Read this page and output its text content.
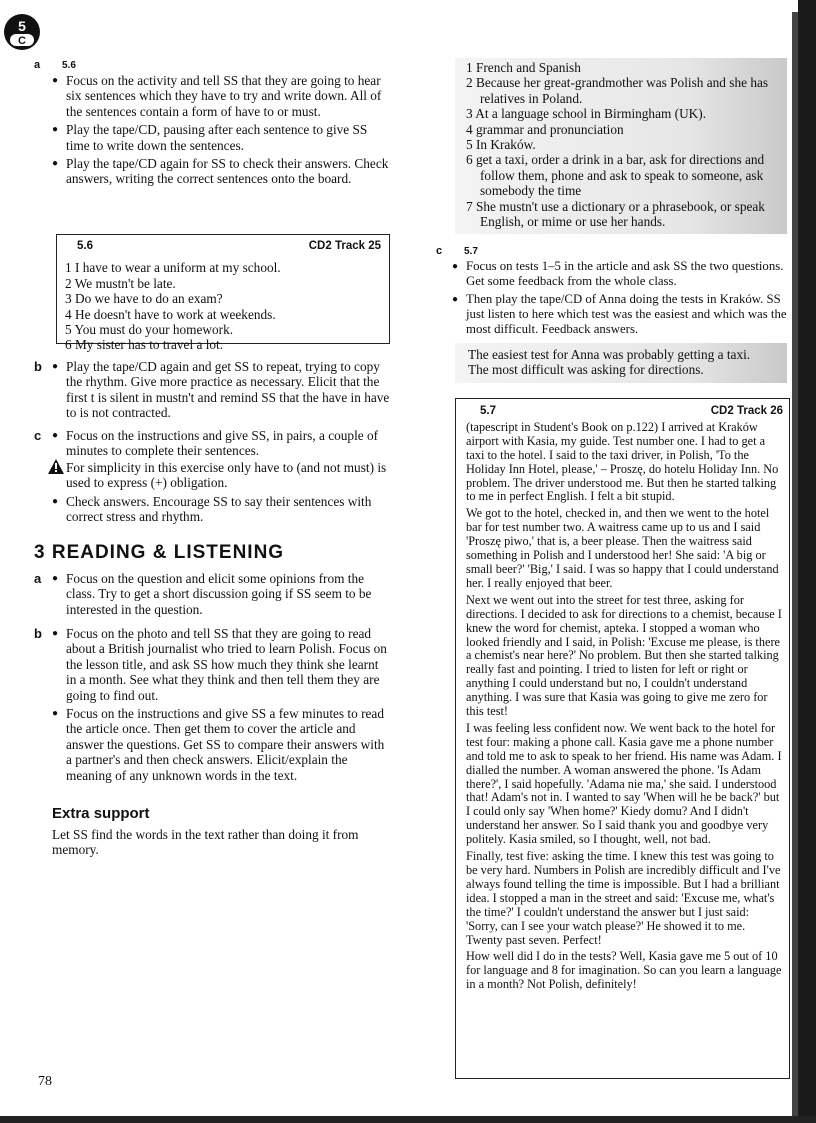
5
C
a 5.6

● Focus on the activity and tell SS that they are going to hear six sentences which they have to try and write down. All of the sentences contain a form of have to or must.

● Play the tape/CD, pausing after each sentence to give SS time to write down the sentences.

● Play the tape/CD again for SS to check their answers. Check answers, writing the correct sentences onto the board.

5.6	CD2 Track 25
1 I have to wear a uniform at my school.
2 We mustn't be late.
3 Do we have to do an exam?
4 He doesn't have to work at weekends.
5 You must do your homework.
6 My sister has to travel a lot.
b	● Play the tape/CD again and get SS to repeat, trying to copy the rhythm. Give more practice as necessary. Elicit that the first t is silent in mustn't and remind SS that the have in have to is not contracted.

c	● Focus on the instructions and give SS, in pairs, a couple of minutes to complete their sentences.

For simplicity in this exercise only have to (and not must) is used to express (+) obligation.

● Check answers. Encourage SS to say their sentences with correct stress and rhythm.

3 READING & LISTENING
a	● Focus on the question and elicit some opinions from the class. Try to get a short discussion going if SS seem to be interested in the question.

b	● Focus on the photo and tell SS that they are going to read about a British journalist who tried to learn Polish. Focus on the lesson title, and ask SS how much they think she learnt in a month. See what they think and then tell them they are going to find out.

● Focus on the instructions and give SS a few minutes to read the article once. Then get them to cover the article and answer the questions. Get SS to compare their answers with a partner's and then check answers. Elicit/explain the meaning of any unknown words in the text.

Extra support

Let SS find the words in the text rather than doing it from memory.

78

1 French and Spanish

2 Because her great-grandmother was Polish and she has relatives in Poland.

3 At a language school in Birmingham (UK).

4 grammar and pronunciation

5 In Kraków.

6 get a taxi, order a drink in a bar, ask for directions and follow them, phone and ask to speak to someone, ask somebody the time

7 She mustn't use a dictionary or a phrasebook, or speak English, or mime or use her hands.

c 5.7

● Focus on tests 1–5 in the article and ask SS the two questions. Get some feedback from the whole class.

● Then play the tape/CD of Anna doing the tests in Kraków. SS just listen to here which test was the easiest and which was the most difficult. Feedback answers.

The easiest test for Anna was probably getting a taxi.

The most difficult was asking for directions.

5.7	CD2 Track 26

(tapescript in Student's Book on p.122) I arrived at Kraków airport with Kasia, my guide. Test number one. I had to get a taxi to the hotel. I said to the taxi driver, in Polish, 'To the Holiday Inn Hotel, please,' – Proszę, do hotelu Holiday Inn. No problem. The driver understood me. But then he started talking to me in perfect English. I felt a bit stupid.

We got to the hotel, checked in, and then we went to the hotel bar for test number two. A waitress came up to us and I said 'Proszę piwo,' that is, a beer please. Then the waitress said something in Polish and I understood her! She said: 'A big or small beer?' 'Big,' I said. I was so happy that I could understand her. I really enjoyed that beer.

Next we went out into the street for test three, asking for directions. I decided to ask for directions to a chemist, because I knew the word for chemist, apteka. I stopped a woman who looked friendly and I said, in Polish: 'Excuse me please, is there a chemist's near here?' No problem. But then she started talking really fast and pointing. I tried to listen for left or right or anything I could understand but no, I couldn't understand anything. I was sure that Kasia was going to give me zero for this test!

I was feeling less confident now. We went back to the hotel for test four: making a phone call. Kasia gave me a phone number and told me to ask to speak to her friend. His name was Adam. I dialled the number. A woman answered the phone. 'Is Adam there?', I said hopefully. 'Adama nie ma,' she said. I understood that! Adam's not in. I wanted to say 'When will he be back?' but I could only say 'When home?' Kiedy domu? And I didn't understand her answer. So I said thank you and goodbye very politely. Kasia smiled, so I thought, well, not bad.

Finally, test five: asking the time. I knew this test was going to be very hard. Numbers in Polish are incredibly difficult and I've always found telling the time is impossible. But I had a brilliant idea. I stopped a man in the street and said: 'Excuse me, what's the time?' I couldn't understand the answer but I just said: 'Sorry, can I see your watch please?' He showed it to me. Twenty past seven. Perfect!

How well did I do in the tests? Well, Kasia gave me 5 out of 10 for language and 8 for imagination. So can you learn a language in a month? Not Polish, definitely!
